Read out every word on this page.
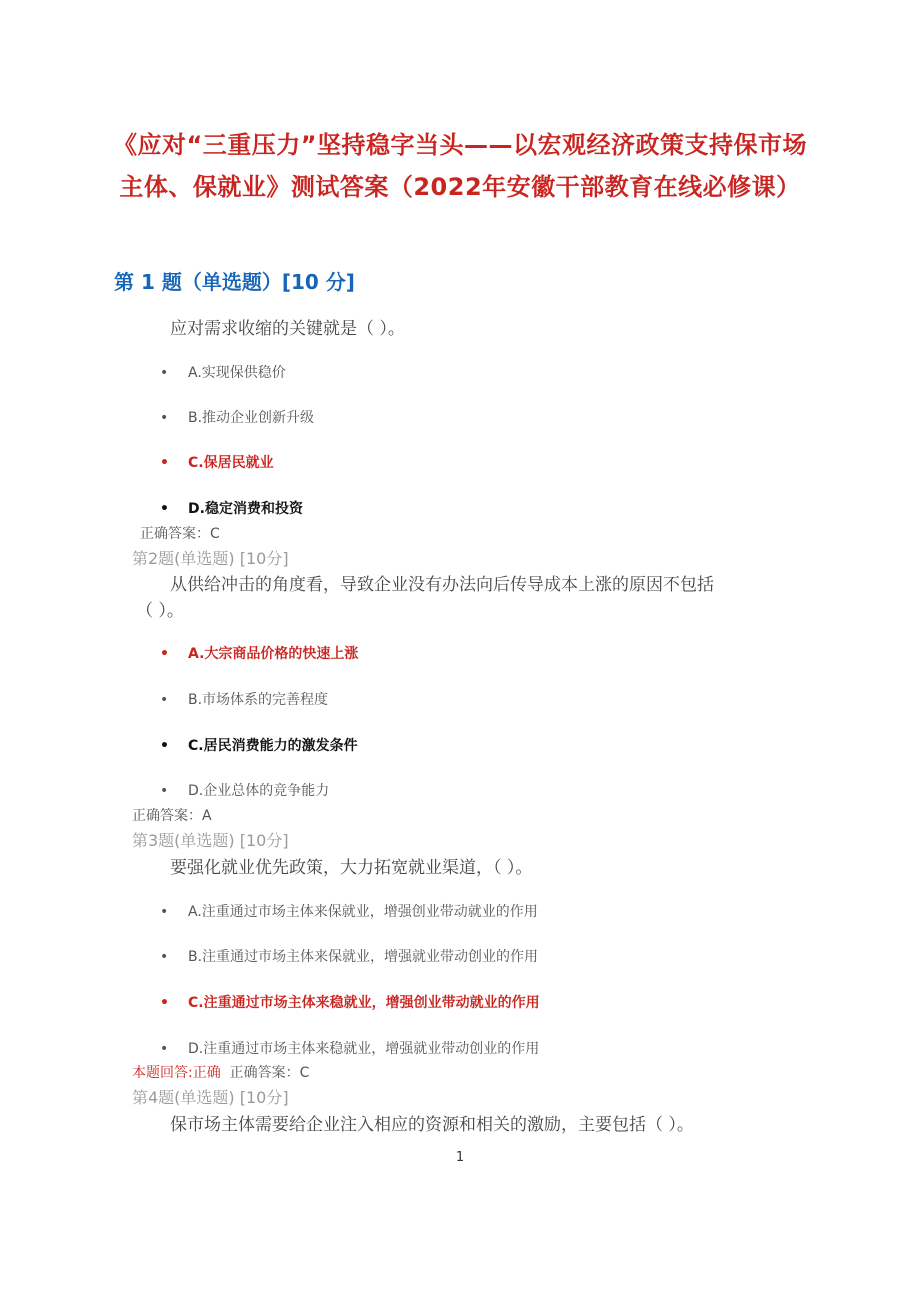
《应对“三重压力”坚持稳字当头——以宏观经济政策支持保市场主体、保就业》测试答案（2022年安徽干部教育在线必修课）
第 1 题（单选题）[10 分]
应对需求收缩的关键就是（ ）。
• A.实现保供稳价
• B.推动企业创新升级
• C.保居民就业
• D.稳定消费和投资
正确答案：C
第2题(单选题) [10分]
从供给冲击的角度看，导致企业没有办法向后传导成本上涨的原因不包括
（ ）。
• A.大宗商品价格的快速上涨
• B.市场体系的完善程度
• C.居民消费能力的激发条件
• D.企业总体的竞争能力
正确答案：A
第3题(单选题) [10分]
要强化就业优先政策，大力拓宽就业渠道，（ ）。
• A.注重通过市场主体来保就业，增强创业带动就业的作用
• B.注重通过市场主体来保就业，增强就业带动创业的作用
• C.注重通过市场主体来稳就业，增强创业带动就业的作用
• D.注重通过市场主体来稳就业，增强就业带动创业的作用
本题回答:正确 正确答案：C
第4题(单选题) [10分]
保市场主体需要给企业注入相应的资源和相关的激励，主要包括（ ）。
1
